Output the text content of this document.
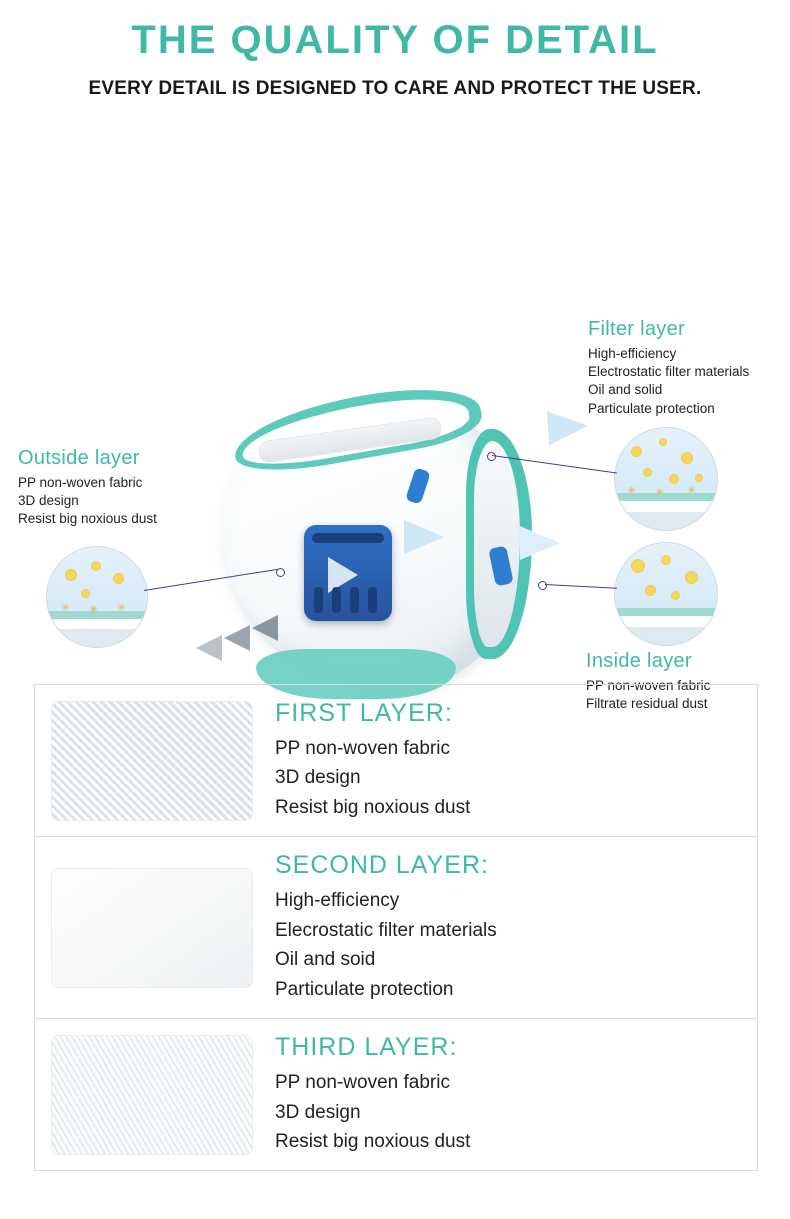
THE QUALITY OF DETAIL

EVERY DETAIL IS DESIGNED TO CARE AND PROTECT THE USER.

Filter layer

High-efficiency
Electrostatic filter materials
Oil and solid
Particulate protection

Outside layer

PP non-woven fabric
3D design
Resist big noxious dust

Inside layer

PP non-woven fabric
Filtrate residual dust
✳ ✳ ✳
✳ ✳ ✳

FIRST LAYER:

PP non-woven fabric
3D design
Resist big noxious dust

SECOND LAYER:

High-efficiency
Elecrostatic filter materials
Oil and soid
Particulate protection

THIRD LAYER:

PP non-woven fabric
3D design
Resist big noxious dust
